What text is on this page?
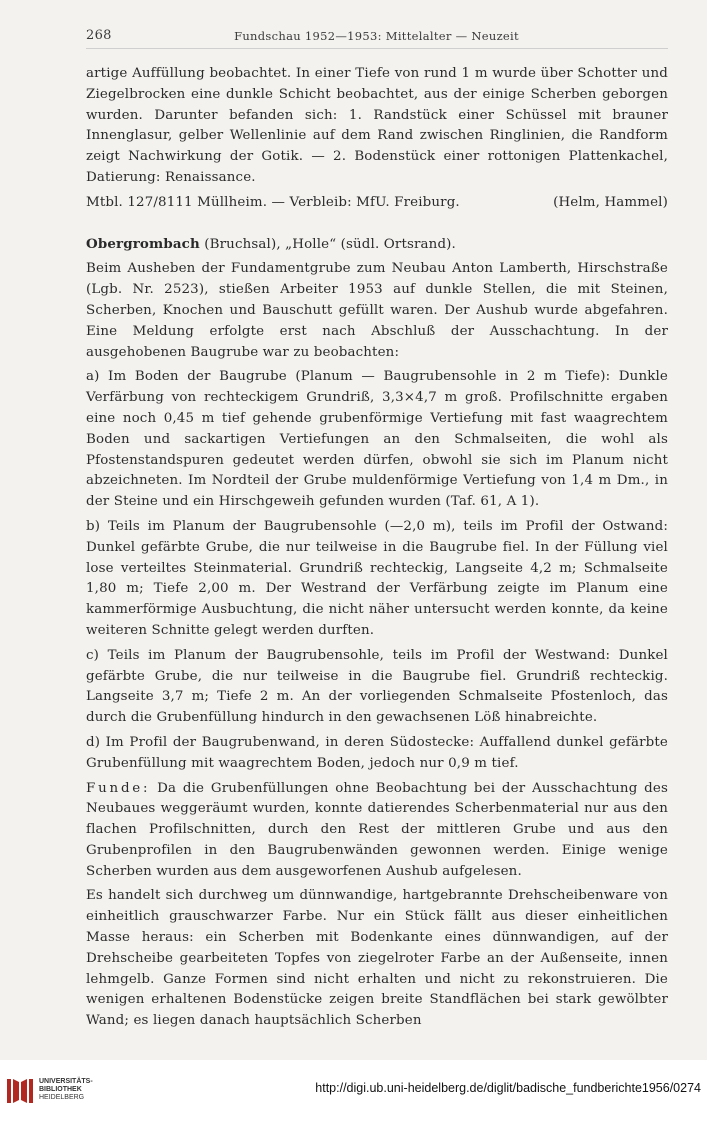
268	Fundschau 1952—1953: Mittelalter — Neuzeit

artige Auffüllung beobachtet. In einer Tiefe von rund 1 m wurde über Schotter und Ziegelbrocken eine dunkle Schicht beobachtet, aus der einige Scherben geborgen wurden. Darunter befanden sich: 1. Randstück einer Schüssel mit brauner Innenglasur, gelber Wellenlinie auf dem Rand zwischen Ringlinien, die Randform zeigt Nachwirkung der Gotik. — 2. Bodenstück einer rottonigen Plattenkachel, Datierung: Renaissance.

Mtbl. 127/8111 Müllheim. — Verbleib: MfU. Freiburg.	(Helm, Hammel)

Obergrombach (Bruchsal), „Holle“ (südl. Ortsrand).

Beim Ausheben der Fundamentgrube zum Neubau Anton Lamberth, Hirschstraße (Lgb. Nr. 2523), stießen Arbeiter 1953 auf dunkle Stellen, die mit Steinen, Scherben, Knochen und Bauschutt gefüllt waren. Der Aushub wurde abgefahren. Eine Meldung erfolgte erst nach Abschluß der Ausschachtung. In der ausgehobenen Baugrube war zu beobachten:

a) Im Boden der Baugrube (Planum — Baugrubensohle in 2 m Tiefe): Dunkle Verfärbung von rechteckigem Grundriß, 3,3×4,7 m groß. Profilschnitte ergaben eine noch 0,45 m tief gehende grubenförmige Vertiefung mit fast waagrechtem Boden und sackartigen Vertiefungen an den Schmalseiten, die wohl als Pfostenstandspuren gedeutet werden dürfen, obwohl sie sich im Planum nicht abzeichneten. Im Nordteil der Grube muldenförmige Vertiefung von 1,4 m Dm., in der Steine und ein Hirschgeweih gefunden wurden (Taf. 61, A 1).

b) Teils im Planum der Baugrubensohle (—2,0 m), teils im Profil der Ostwand: Dunkel gefärbte Grube, die nur teilweise in die Baugrube fiel. In der Füllung viel lose verteiltes Steinmaterial. Grundriß rechteckig, Langseite 4,2 m; Schmalseite 1,80 m; Tiefe 2,00 m. Der Westrand der Verfärbung zeigte im Planum eine kammerförmige Ausbuchtung, die nicht näher untersucht werden konnte, da keine weiteren Schnitte gelegt werden durften.

c) Teils im Planum der Baugrubensohle, teils im Profil der Westwand: Dunkel gefärbte Grube, die nur teilweise in die Baugrube fiel. Grundriß rechteckig. Langseite 3,7 m; Tiefe 2 m. An der vorliegenden Schmalseite Pfostenloch, das durch die Grubenfüllung hindurch in den gewachsenen Löß hinabreichte.

d) Im Profil der Baugrubenwand, in deren Südostecke: Auffallend dunkel gefärbte Grubenfüllung mit waagrechtem Boden, jedoch nur 0,9 m tief.

Funde: Da die Grubenfüllungen ohne Beobachtung bei der Ausschachtung des Neubaues weggeräumt wurden, konnte datierendes Scherbenmaterial nur aus den flachen Profilschnitten, durch den Rest der mittleren Grube und aus den Grubenprofilen in den Baugrubenwänden gewonnen werden. Einige wenige Scherben wurden aus dem ausgeworfenen Aushub aufgelesen.

Es handelt sich durchweg um dünnwandige, hartgebrannte Drehscheibenware von einheitlich grauschwarzer Farbe. Nur ein Stück fällt aus dieser einheitlichen Masse heraus: ein Scherben mit Bodenkante eines dünnwandigen, auf der Drehscheibe gearbeiteten Topfes von ziegelroter Farbe an der Außenseite, innen lehmgelb. Ganze Formen sind nicht erhalten und nicht zu rekonstruieren. Die wenigen erhaltenen Bodenstücke zeigen breite Standflächen bei stark gewölbter Wand; es liegen danach hauptsächlich Scherben

UNIVERSITÄTS-
BIBLIOTHEK
HEIDELBERG
http://digi.ub.uni-heidelberg.de/diglit/badische_fundberichte1956/0274
